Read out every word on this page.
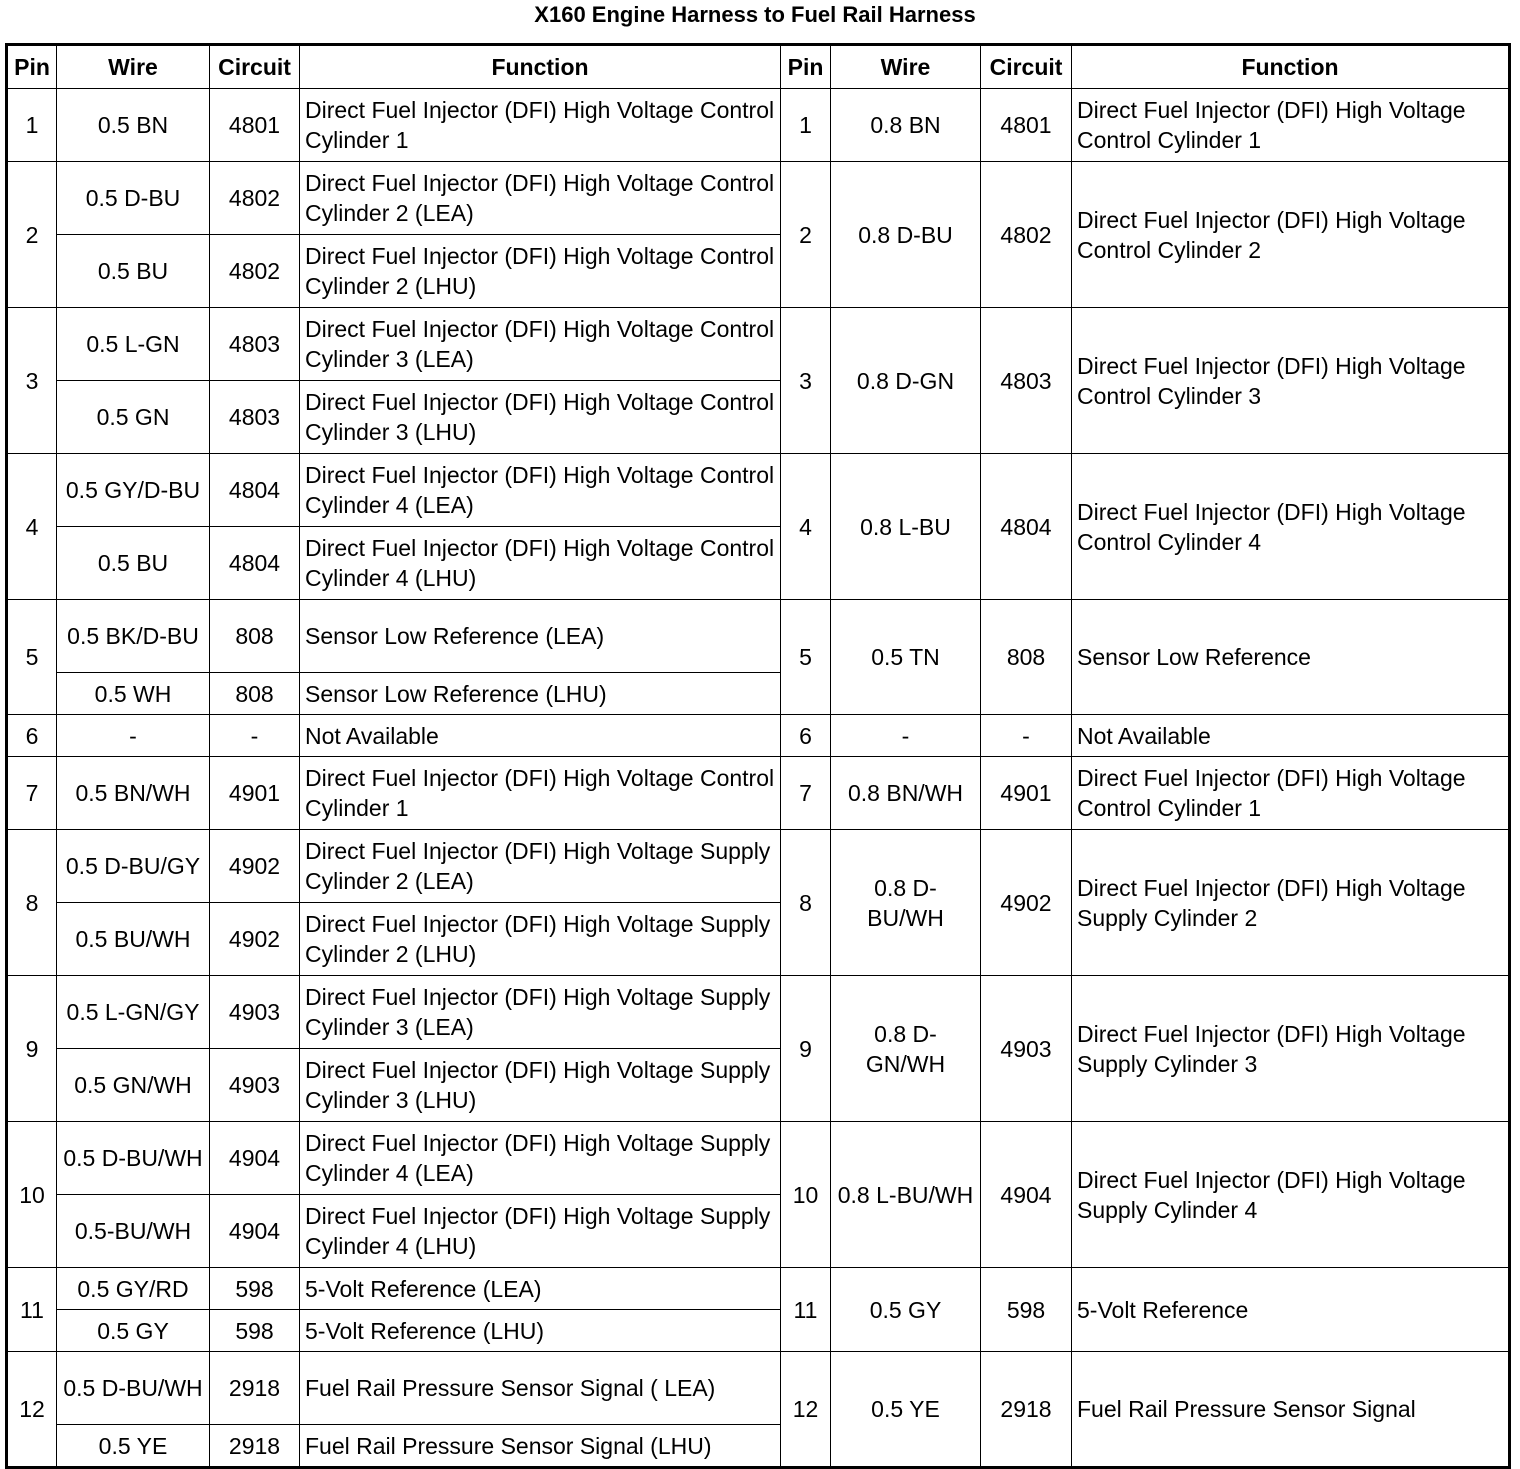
X160 Engine Harness to Fuel Rail Harness
Pin	Wire	Circuit	Function	Pin	Wire	Circuit	Function
1	0.5 BN	4801	Direct Fuel Injector (DFI) High Voltage Control Cylinder 1	1	0.8 BN	4801	Direct Fuel Injector (DFI) High Voltage Control Cylinder 1
2	0.5 D-BU	4802	Direct Fuel Injector (DFI) High Voltage Control Cylinder 2 (LEA)	2	0.8 D-BU	4802	Direct Fuel Injector (DFI) High Voltage Control Cylinder 2
	0.5 BU	4802	Direct Fuel Injector (DFI) High Voltage Control Cylinder 2 (LHU)				
3	0.5 L-GN	4803	Direct Fuel Injector (DFI) High Voltage Control Cylinder 3 (LEA)	3	0.8 D-GN	4803	Direct Fuel Injector (DFI) High Voltage Control Cylinder 3
	0.5 GN	4803	Direct Fuel Injector (DFI) High Voltage Control Cylinder 3 (LHU)				
4	0.5 GY/D-BU	4804	Direct Fuel Injector (DFI) High Voltage Control Cylinder 4 (LEA)	4	0.8 L-BU	4804	Direct Fuel Injector (DFI) High Voltage Control Cylinder 4
	0.5 BU	4804	Direct Fuel Injector (DFI) High Voltage Control Cylinder 4 (LHU)				
5	0.5 BK/D-BU	808	Sensor Low Reference (LEA)	5	0.5 TN	808	Sensor Low Reference
	0.5 WH	808	Sensor Low Reference (LHU)				
6	-	-	Not Available	6	-	-	Not Available
7	0.5 BN/WH	4901	Direct Fuel Injector (DFI) High Voltage Control Cylinder 1	7	0.8 BN/WH	4901	Direct Fuel Injector (DFI) High Voltage Control Cylinder 1
8	0.5 D-BU/GY	4902	Direct Fuel Injector (DFI) High Voltage Supply Cylinder 2 (LEA)	8	0.8 D-BU/WH	4902	Direct Fuel Injector (DFI) High Voltage Supply Cylinder 2
	0.5 BU/WH	4902	Direct Fuel Injector (DFI) High Voltage Supply Cylinder 2 (LHU)				
9	0.5 L-GN/GY	4903	Direct Fuel Injector (DFI) High Voltage Supply Cylinder 3 (LEA)	9	0.8 D-GN/WH	4903	Direct Fuel Injector (DFI) High Voltage Supply Cylinder 3
	0.5 GN/WH	4903	Direct Fuel Injector (DFI) High Voltage Supply Cylinder 3 (LHU)				
10	0.5 D-BU/WH	4904	Direct Fuel Injector (DFI) High Voltage Supply Cylinder 4 (LEA)	10	0.8 L-BU/WH	4904	Direct Fuel Injector (DFI) High Voltage Supply Cylinder 4
	0.5-BU/WH	4904	Direct Fuel Injector (DFI) High Voltage Supply Cylinder 4 (LHU)				
11	0.5 GY/RD	598	5-Volt Reference (LEA)	11	0.5 GY	598	5-Volt Reference
	0.5 GY	598	5-Volt Reference (LHU)				
12	0.5 D-BU/WH	2918	Fuel Rail Pressure Sensor Signal ( LEA)	12	0.5 YE	2918	Fuel Rail Pressure Sensor Signal
	0.5 YE	2918	Fuel Rail Pressure Sensor Signal (LHU)				
